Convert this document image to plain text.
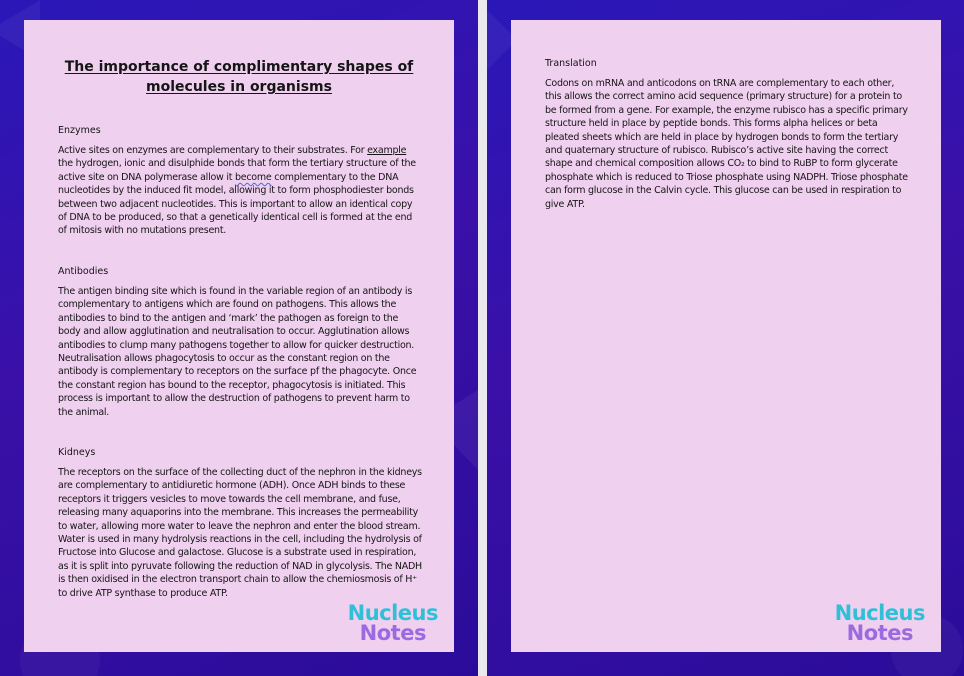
The importance of complimentary shapes of molecules in organisms
Enzymes

Active sites on enzymes are complementary to their substrates. For example the hydrogen, ionic and disulphide bonds that form the tertiary structure of the active site on DNA polymerase allow it become complementary to the DNA nucleotides by the induced fit model, allowing it to form phosphodiester bonds between two adjacent nucleotides. This is important to allow an identical copy of DNA to be produced, so that a genetically identical cell is formed at the end of mitosis with no mutations present.

Antibodies

The antigen binding site which is found in the variable region of an antibody is complementary to antigens which are found on pathogens. This allows the antibodies to bind to the antigen and ‘mark’ the pathogen as foreign to the body and allow agglutination and neutralisation to occur. Agglutination allows antibodies to clump many pathogens together to allow for quicker destruction. Neutralisation allows phagocytosis to occur as the constant region on the antibody is complementary to receptors on the surface pf the phagocyte. Once the constant region has bound to the receptor, phagocytosis is initiated. This process is important to allow the destruction of pathogens to prevent harm to the animal.

Kidneys

The receptors on the surface of the collecting duct of the nephron in the kidneys are complementary to antidiuretic hormone (ADH). Once ADH binds to these receptors it triggers vesicles to move towards the cell membrane, and fuse, releasing many aquaporins into the membrane. This increases the permeability to water, allowing more water to leave the nephron and enter the blood stream. Water is used in many hydrolysis reactions in the cell, including the hydrolysis of Fructose into Glucose and galactose. Glucose is a substrate used in respiration, as it is split into pyruvate following the reduction of NAD in glycolysis. The NADH is then oxidised in the electron transport chain to allow the chemiosmosis of H⁺ to drive ATP synthase to produce ATP.

Nucleus
Notes
Translation

Codons on mRNA and anticodons on tRNA are complementary to each other, this allows the correct amino acid sequence (primary structure) for a protein to be formed from a gene. For example, the enzyme rubisco has a specific primary structure held in place by peptide bonds. This forms alpha helices or beta pleated sheets which are held in place by hydrogen bonds to form the tertiary and quaternary structure of rubisco. Rubisco’s active site having the correct shape and chemical composition allows CO₂ to bind to RuBP to form glycerate phosphate which is reduced to Triose phosphate using NADPH. Triose phosphate can form glucose in the Calvin cycle. This glucose can be used in respiration to give ATP.

Nucleus
Notes
